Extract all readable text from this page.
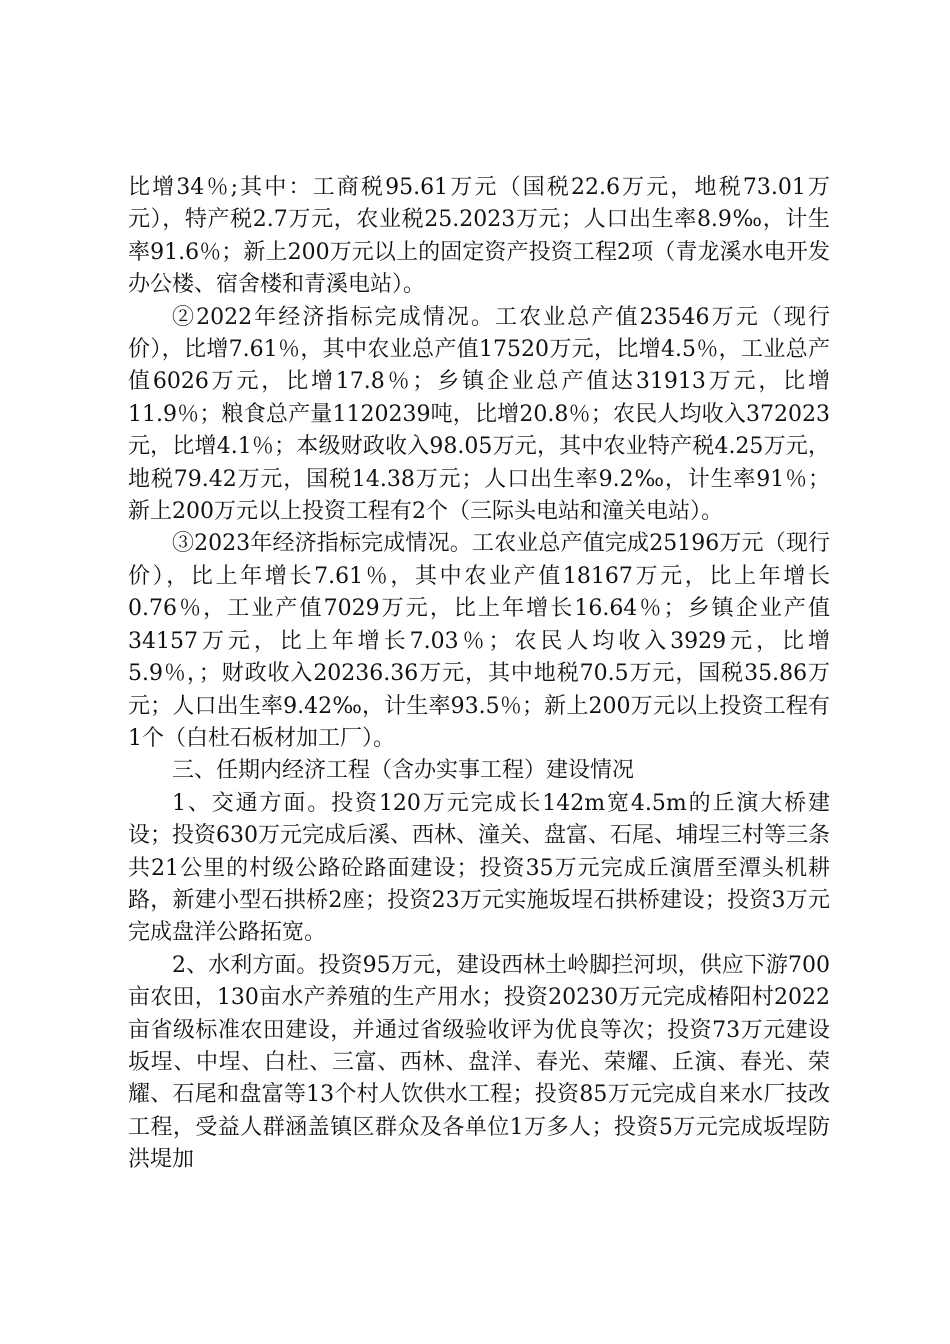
比增34％;其中：工商税95.61万元（国税22.6万元，地税73.01万元），特产税2.7万元，农业税25.2023万元；人口出生率8.9‰，计生率91.6％；新上200万元以上的固定资产投资工程2项（青龙溪水电开发办公楼、宿舍楼和青溪电站）。

②2022年经济指标完成情况。工农业总产值23546万元（现行价），比增7.61％，其中农业总产值17520万元，比增4.5％，工业总产值6026万元，比增17.8％；乡镇企业总产值达31913万元，比增11.9％；粮食总产量1120239吨，比增20.8％；农民人均收入372023元，比增4.1％；本级财政收入98.05万元，其中农业特产税4.25万元，地税79.42万元，国税14.38万元；人口出生率9.2‰，计生率91％；新上200万元以上投资工程有2个（三际头电站和潼关电站）。

③2023年经济指标完成情况。工农业总产值完成25196万元（现行价），比上年增长7.61％，其中农业产值18167万元，比上年增长0.76％，工业产值7029万元，比上年增长16.64％；乡镇企业产值34157万元，比上年增长7.03％；农民人均收入3929元，比增5.9％，；财政收入20236.36万元，其中地税70.5万元，国税35.86万元；人口出生率9.42‰，计生率93.5％；新上200万元以上投资工程有1个（白杜石板材加工厂）。

三、任期内经济工程（含办实事工程）建设情况

1、交通方面。投资120万元完成长142m宽4.5m的丘演大桥建设；投资630万元完成后溪、西林、潼关、盘富、石尾、埔埕三村等三条共21公里的村级公路砼路面建设；投资35万元完成丘演厝至潭头机耕路，新建小型石拱桥2座；投资23万元实施坂埕石拱桥建设；投资3万元完成盘洋公路拓宽。

2、水利方面。投资95万元，建设西林土岭脚拦河坝，供应下游700亩农田，130亩水产养殖的生产用水；投资20230万元完成椿阳村2022亩省级标准农田建设，并通过省级验收评为优良等次；投资73万元建设坂埕、中埕、白杜、三富、西林、盘洋、春光、荣耀、丘演、春光、荣耀、石尾和盘富等13个村人饮供水工程；投资85万元完成自来水厂技改工程，受益人群涵盖镇区群众及各单位1万多人；投资5万元完成坂埕防洪堤加
